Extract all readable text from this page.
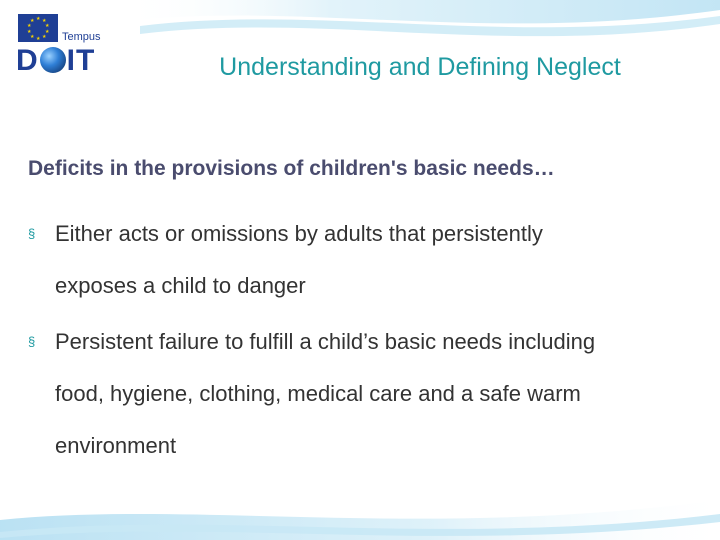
★ ★
★
★
★
★
★
★
★
★
Tempus
D IT	Understanding and Defining Neglect
Deficits in the provisions of children's basic needs…
§ Either acts or omissions by adults that persistently
exposes a child to danger
§ Persistent failure to fulfill a child’s basic needs including
food, hygiene, clothing, medical care and a safe warm
environment
